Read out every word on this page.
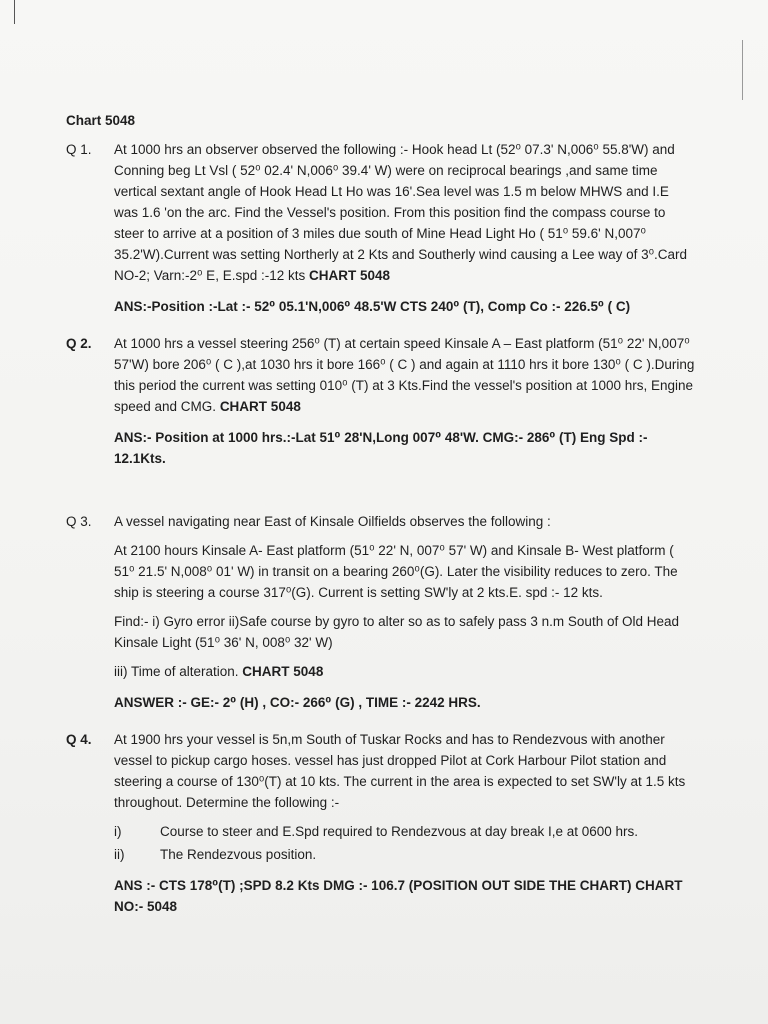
Chart 5048
Q 1.	At 1000 hrs an observer observed the following :- Hook head Lt (52⁰ 07.3' N,006⁰ 55.8'W) and Conning beg Lt Vsl ( 52⁰ 02.4' N,006⁰ 39.4' W) were on reciprocal bearings ,and same time vertical sextant angle of Hook Head Lt Ho was 16'.Sea level was 1.5 m below MHWS and I.E was 1.6 'on the arc. Find the Vessel's position. From this position find the compass course to steer to arrive at a position of 3 miles due south of Mine Head Light Ho ( 51⁰ 59.6' N,007⁰ 35.2'W).Current was setting Northerly at 2 Kts and Southerly wind causing a Lee way of 3⁰.Card NO-2; Varn:-2⁰ E, E.spd :-12 kts CHART 5048
ANS:-Position :-Lat :- 52⁰ 05.1'N,006⁰ 48.5'W CTS 240⁰ (T), Comp Co :- 226.5⁰ ( C)
Q 2.	At 1000 hrs a vessel steering 256⁰ (T) at certain speed Kinsale A – East platform (51⁰ 22' N,007⁰ 57'W) bore 206⁰ ( C ),at 1030 hrs it bore 166⁰ ( C ) and again at 1110 hrs it bore 130⁰ ( C ).During this period the current was setting 010⁰ (T) at 3 Kts.Find the vessel's position at 1000 hrs, Engine speed and CMG. CHART 5048
ANS:- Position at 1000 hrs.:-Lat 51⁰ 28'N,Long 007⁰ 48'W. CMG:- 286⁰ (T) Eng Spd :- 12.1Kts.
Q 3.	A vessel navigating near East of Kinsale Oilfields observes the following :
At 2100 hours Kinsale A- East platform (51⁰ 22' N, 007⁰ 57' W) and Kinsale B- West platform ( 51⁰ 21.5' N,008⁰ 01' W) in transit on a bearing 260⁰(G). Later the visibility reduces to zero. The ship is steering a course 317⁰(G). Current is setting SW'ly at 2 kts.E. spd :- 12 kts.
Find:- i) Gyro error ii)Safe course by gyro to alter so as to safely pass 3 n.m South of Old Head Kinsale Light (51⁰ 36' N, 008⁰ 32' W)
iii) Time of alteration. CHART 5048
ANSWER :- GE:- 2⁰ (H) , CO:- 266⁰ (G) , TIME :- 2242 HRS.
Q 4.	At 1900 hrs your vessel is 5n,m South of Tuskar Rocks and has to Rendezvous with another vessel to pickup cargo hoses. vessel has just dropped Pilot at Cork Harbour Pilot station and steering a course of 130⁰(T) at 10 kts. The current in the area is expected to set SW'ly at 1.5 kts throughout. Determine the following :-
i)	Course to steer and E.Spd required to Rendezvous at day break I,e at 0600 hrs.
ii)	The Rendezvous position.
ANS :- CTS 178⁰(T) ;SPD 8.2 Kts DMG :- 106.7 (POSITION OUT SIDE THE CHART) CHART NO:- 5048
